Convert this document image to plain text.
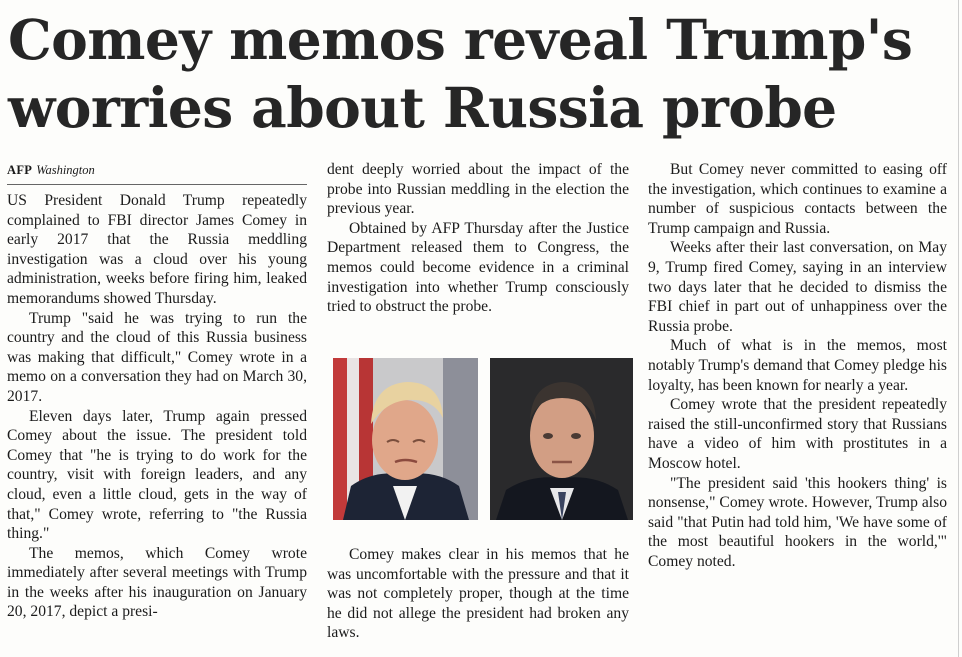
Comey memos reveal Trump's worries about Russia probe
AFP Washington

US President Donald Trump repeatedly complained to FBI director James Comey in early 2017 that the Russia meddling investigation was a cloud over his young administration, weeks before firing him, leaked memorandums showed Thursday.

Trump "said he was trying to run the country and the cloud of this Russia business was making that difficult," Comey wrote in a memo on a conversation they had on March 30, 2017.

Eleven days later, Trump again pressed Comey about the issue. The president told Comey that "he is trying to do work for the country, visit with foreign leaders, and any cloud, even a little cloud, gets in the way of that," Comey wrote, referring to "the Russia thing."

The memos, which Comey wrote immediately after several meetings with Trump in the weeks after his inauguration on January 20, 2017, depict a presi-

dent deeply worried about the impact of the probe into Russian meddling in the election the previous year.

Obtained by AFP Thursday after the Justice Department released them to Congress, the memos could become evidence in a criminal investigation into whether Trump consciously tried to obstruct the probe.

Comey makes clear in his memos that he was uncomfortable with the pressure and that it was not completely proper, though at the time he did not allege the president had broken any laws.

But Comey never committed to easing off the investigation, which continues to examine a number of suspicious contacts between the Trump campaign and Russia.

Weeks after their last conversation, on May 9, Trump fired Comey, saying in an interview two days later that he decided to dismiss the FBI chief in part out of unhappiness over the Russia probe.

Much of what is in the memos, most notably Trump's demand that Comey pledge his loyalty, has been known for nearly a year.

Comey wrote that the president repeatedly raised the still-unconfirmed story that Russians have a video of him with prostitutes in a Moscow hotel.

"The president said 'this hookers thing' is nonsense," Comey wrote. However, Trump also said "that Putin had told him, 'We have some of the most beautiful hookers in the world,'" Comey noted.
